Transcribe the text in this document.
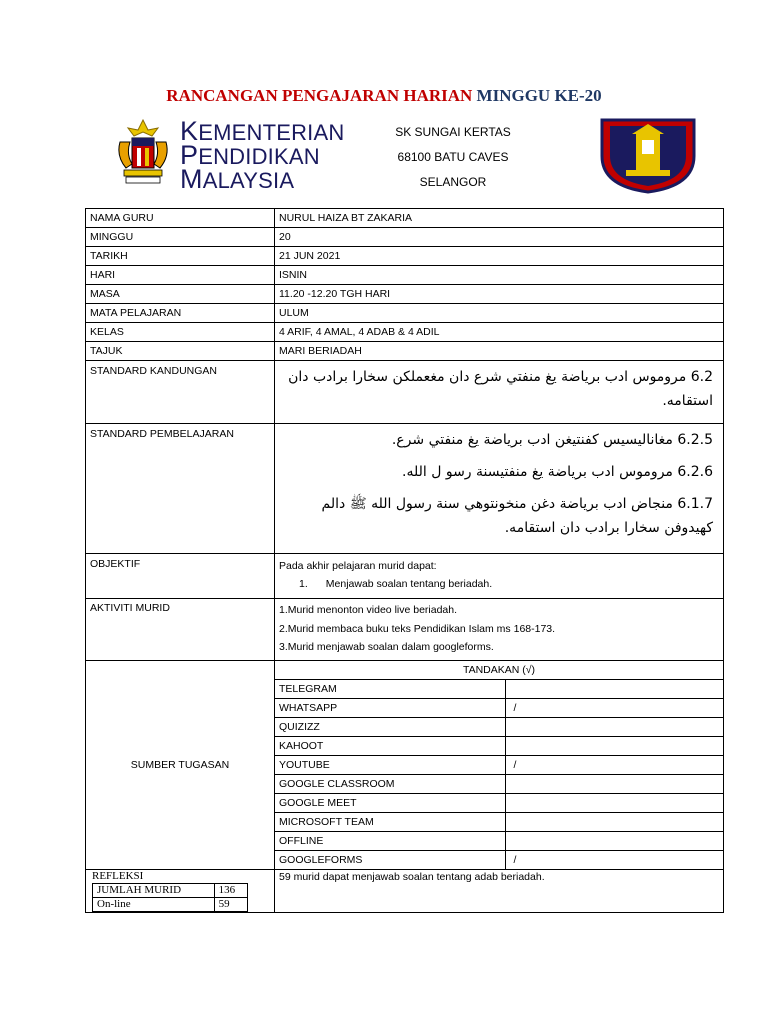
RANCANGAN PENGAJARAN HARIAN MINGGU KE-20
KEMENTERIAN
PENDIDIKAN
MALAYSIA
SK SUNGAI KERTAS
68100 BATU CAVES
SELANGOR
NAMA GURU	NURUL HAIZA BT ZAKARIA
MINGGU	20
TARIKH	21 JUN 2021
HARI	ISNIN
MASA	11.20 -12.20 TGH HARI
MATA PELAJARAN	ULUM
KELAS	4 ARIF, 4 AMAL, 4 ADAB & 4 ADIL
TAJUK	MARI BERIADAH
STANDARD KANDUNGAN	6.2 مروموس ادب برياضة يغ منفتي شرع دان مغعملكن سخارا برادب دان استقامه.
STANDARD PEMBELAJARAN	6.2.5 مغاناليسيس كفنتيغن ادب برياضة يغ منفتي شرع.

6.2.6 مروموس ادب برياضة يغ منفتيسنة رسو ل الله.

6.1.7 منجاض ادب برياضة دغن منخونتوهي سنة رسول الله ﷺ دالم كهيدوفن سخارا برادب دان استقامه.

OBJEKTIF	Pada akhir pelajaran murid dapat:
1. Menjawab soalan tentang beriadah.

AKTIVITI MURID	1.Murid menonton video live beriadah.
2.Murid membaca buku teks Pendidikan Islam ms 168-173.
3.Murid menjawab soalan dalam googleforms.

SUMBER TUGASAN	
TANDAKAN (√)
TELEGRAM	
WHATSAPP	/
QUIZIZZ	
KAHOOT	
YOUTUBE	/
GOOGLE CLASSROOM	
GOOGLE MEET	
MICROSOFT TEAM	
OFFLINE	
GOOGLEFORMS	/

REFLEKSI
JUMLAH MURID	136
On-line	59
	59 murid dapat menjawab soalan tentang adab beriadah.
